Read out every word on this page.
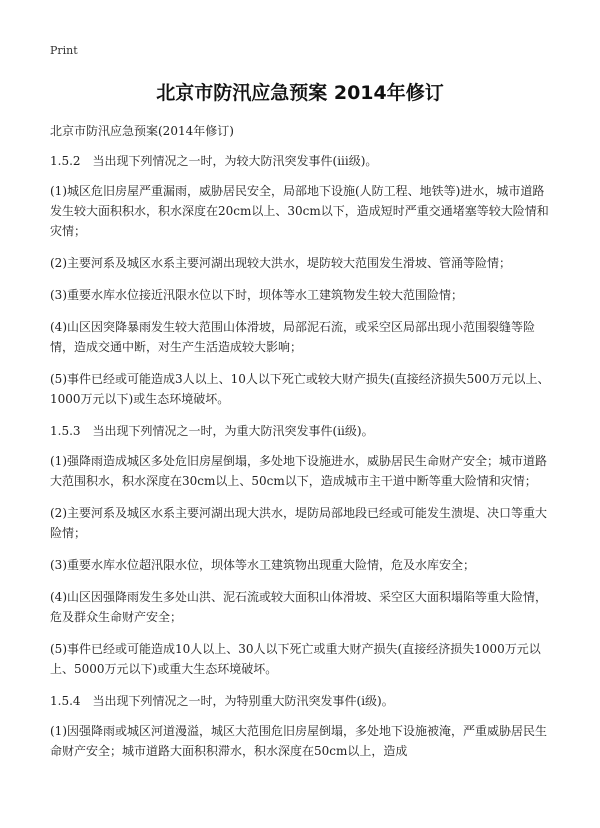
Print
北京市防汛应急预案 2014年修订

北京市防汛应急预案(2014年修订)

1.5.2　当出现下列情况之一时，为较大防汛突发事件(iii级)。

(1)城区危旧房屋严重漏雨，威胁居民安全，局部地下设施(人防工程、地铁等)进水，城市道路发生较大面积积水，积水深度在20cm以上、30cm以下，造成短时严重交通堵塞等较大险情和灾情；

(2)主要河系及城区水系主要河湖出现较大洪水，堤防较大范围发生滑坡、管涌等险情；

(3)重要水库水位接近汛限水位以下时，坝体等水工建筑物发生较大范围险情；

(4)山区因突降暴雨发生较大范围山体滑坡，局部泥石流，或采空区局部出现小范围裂缝等险情，造成交通中断，对生产生活造成较大影响；

(5)事件已经或可能造成3人以上、10人以下死亡或较大财产损失(直接经济损失500万元以上、1000万元以下)或生态环境破坏。

1.5.3　当出现下列情况之一时，为重大防汛突发事件(ii级)。

(1)强降雨造成城区多处危旧房屋倒塌，多处地下设施进水，威胁居民生命财产安全；城市道路大范围积水，积水深度在30cm以上、50cm以下，造成城市主干道中断等重大险情和灾情；

(2)主要河系及城区水系主要河湖出现大洪水，堤防局部地段已经或可能发生溃堤、决口等重大险情；

(3)重要水库水位超汛限水位，坝体等水工建筑物出现重大险情，危及水库安全；

(4)山区因强降雨发生多处山洪、泥石流或较大面积山体滑坡、采空区大面积塌陷等重大险情，危及群众生命财产安全；

(5)事件已经或可能造成10人以上、30人以下死亡或重大财产损失(直接经济损失1000万元以上、5000万元以下)或重大生态环境破坏。

1.5.4　当出现下列情况之一时，为特别重大防汛突发事件(i级)。

(1)因强降雨或城区河道漫溢，城区大范围危旧房屋倒塌，多处地下设施被淹，严重威胁居民生命财产安全；城市道路大面积积滞水，积水深度在50cm以上，造成
